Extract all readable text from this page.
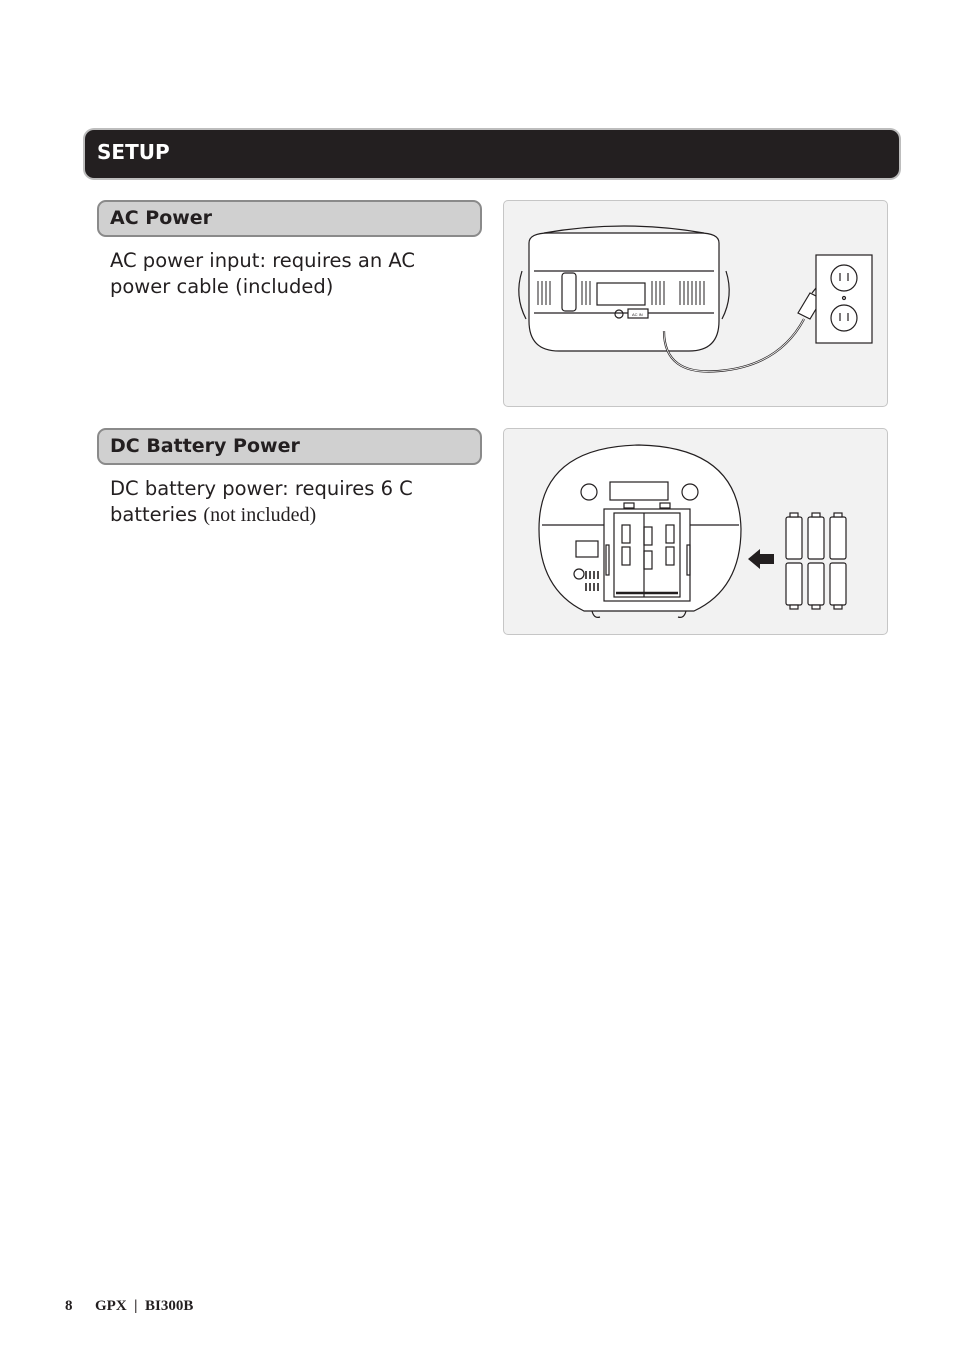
SETUP
AC Power
AC power input: requires an AC power cable (included)
AC IN
DC Battery Power
DC battery power: requires 6 C batteries (not included)
8 GPX | BI300B
